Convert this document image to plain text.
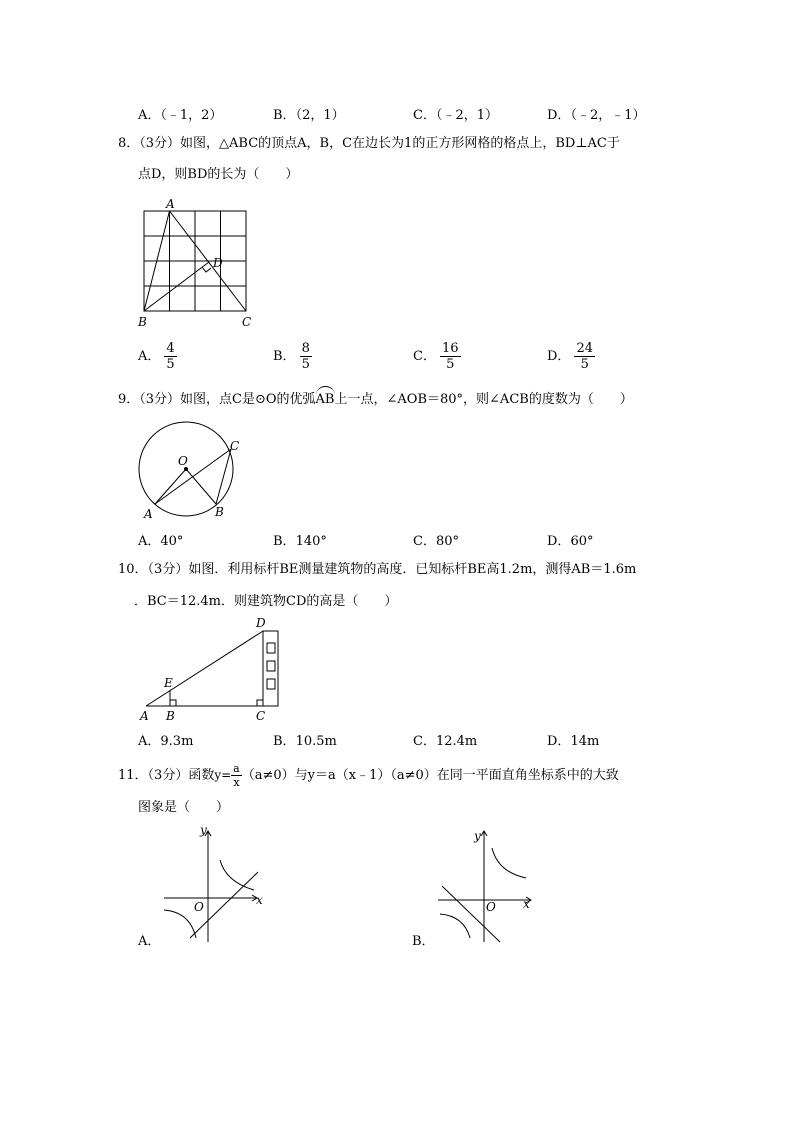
A．（﹣1，2）	B．（2，1）	C．（﹣2，1）	D．（﹣2，﹣1）
8．（3分）如图，△ABC的顶点A，B，C在边长为1的正方形网格的格点上，BD⊥AC于
点D，则BD的长为（　　）
A
D
B	C
A． $\frac{4}{5}$	B． $\frac{8}{5}$	C． $\frac{16}{5}$	D． $\frac{24}{5}$
9．（3分）如图，点C是⊙O的优弧AB上一点，∠AOB＝80°，则∠ACB的度数为（　　）
O
C
A	B
A．40°	B．140°	C．80°	D．60°
10．（3分）如图．利用标杆BE测量建筑物的高度．已知标杆BE高1.2m，测得AB＝1.6m
．BC＝12.4m．则建筑物CD的高是（　　）
D
E
A B	C
A．9.3m	B．10.5m	C．12.4m	D．14m
11．（3分）函数$y= \frac{a}{x} (a\ne 0)$与y＝a（x﹣1）（a≠0）在同一平面直角坐标系中的大致
图象是（　　）
y
x
O
A．
y
x
O
B．
